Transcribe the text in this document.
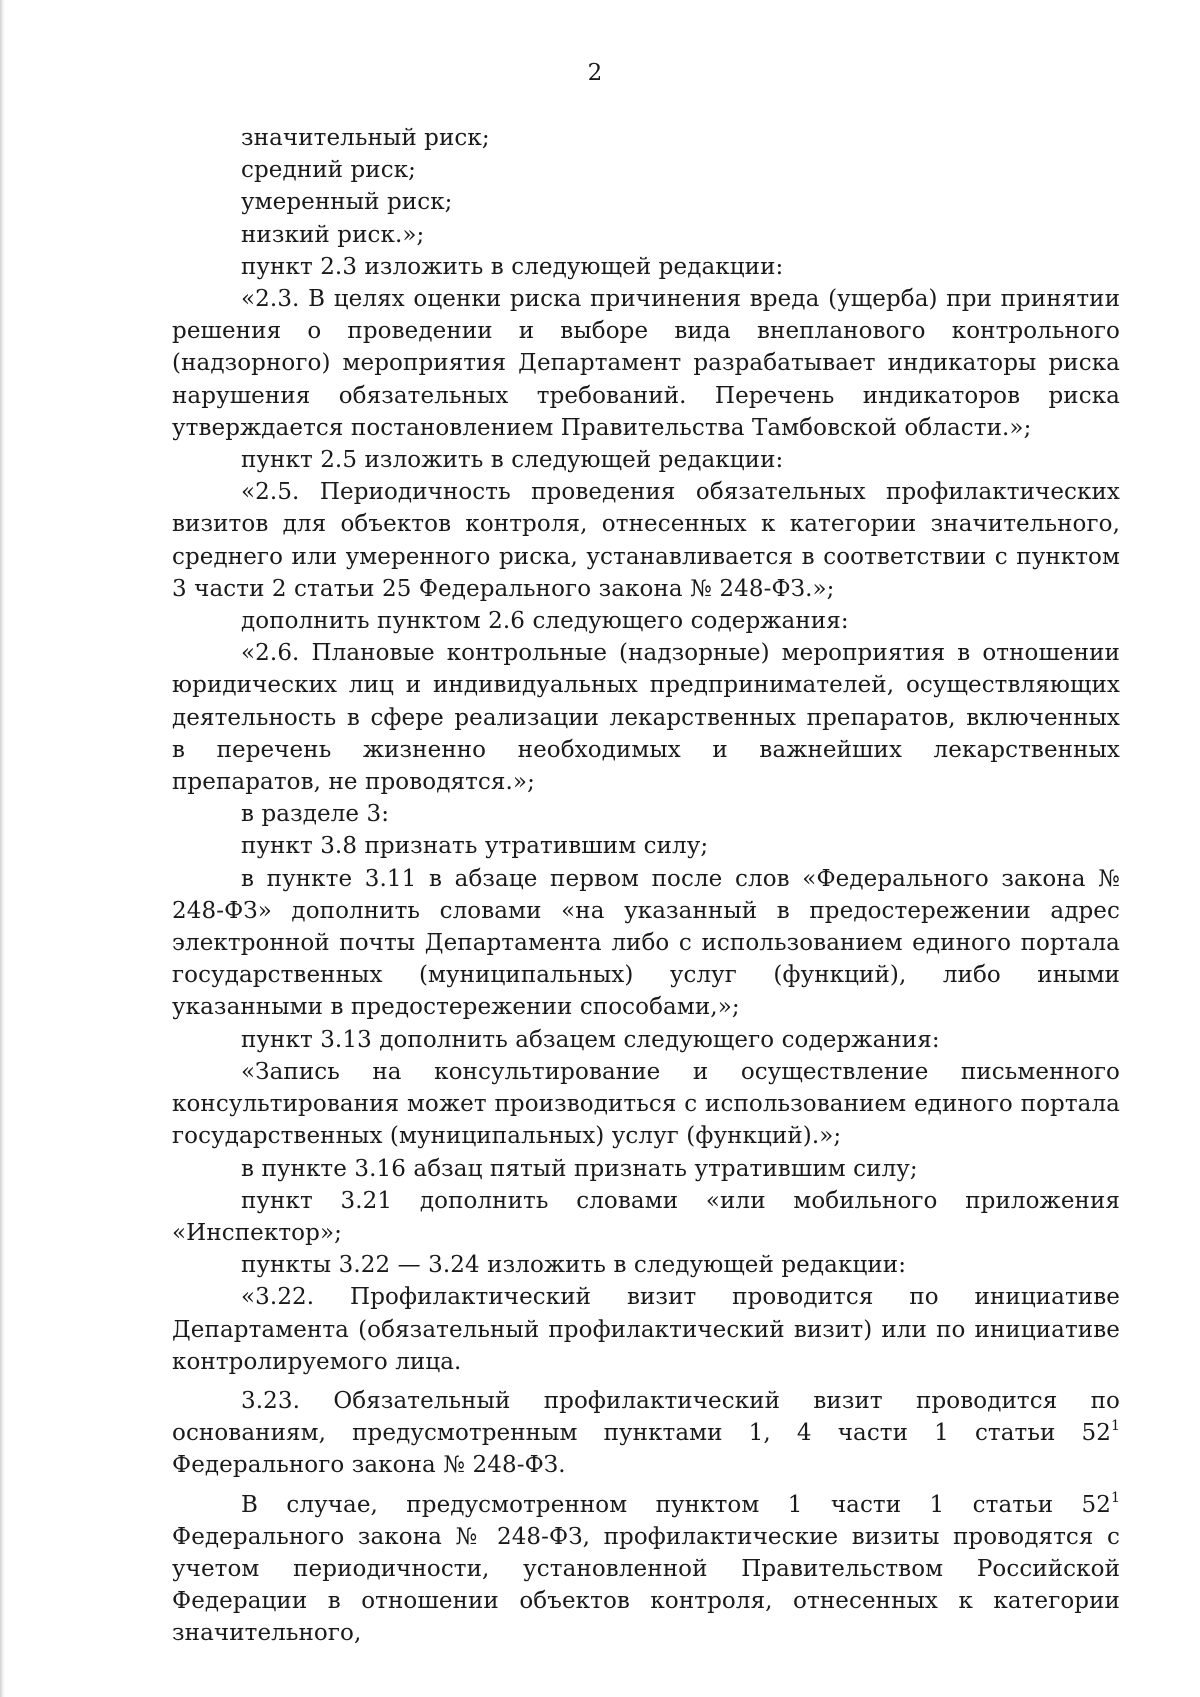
2

значительный риск;

средний риск;

умеренный риск;

низкий риск.»;

пункт 2.3 изложить в следующей редакции:

«2.3. В целях оценки риска причинения вреда (ущерба) при принятии решения о проведении и выборе вида внепланового контрольного (надзорного) мероприятия Департамент разрабатывает индикаторы риска нарушения обязательных требований. Перечень индикаторов риска утверждается постановлением Правительства Тамбовской области.»;

пункт 2.5 изложить в следующей редакции:

«2.5. Периодичность проведения обязательных профилактических визитов для объектов контроля, отнесенных к категории значительного, среднего или умеренного риска, устанавливается в соответствии с пунктом 3 части 2 статьи 25 Федерального закона № 248-ФЗ.»;

дополнить пунктом 2.6 следующего содержания:

«2.6. Плановые контрольные (надзорные) мероприятия в отношении юридических лиц и индивидуальных предпринимателей, осуществляющих деятельность в сфере реализации лекарственных препаратов, включенных в перечень жизненно необходимых и важнейших лекарственных препаратов, не проводятся.»;

в разделе 3:

пункт 3.8 признать утратившим силу;

в пункте 3.11 в абзаце первом после слов «Федерального закона № 248-ФЗ» дополнить словами «на указанный в предостережении адрес электронной почты Департамента либо с использованием единого портала государственных (муниципальных) услуг (функций), либо иными указанными в предостережении способами,»;

пункт 3.13 дополнить абзацем следующего содержания:

«Запись на консультирование и осуществление письменного консультирования может производиться с использованием единого портала государственных (муниципальных) услуг (функций).»;

в пункте 3.16 абзац пятый признать утратившим силу;

пункт 3.21 дополнить словами «или мобильного приложения «Инспектор»;

пункты 3.22 — 3.24 изложить в следующей редакции:

«3.22. Профилактический визит проводится по инициативе Департамента (обязательный профилактический визит) или по инициативе контролируемого лица.

3.23. Обязательный профилактический визит проводится по основаниям, предусмотренным пунктами 1, 4 части 1 статьи $52^1$ Федерального закона № 248-ФЗ.

В случае, предусмотренном пунктом 1 части 1 статьи $52^1$ Федерального закона № 248-ФЗ, профилактические визиты проводятся с учетом периодичности, установленной Правительством Российской Федерации в отношении объектов контроля, отнесенных к категории значительного,
